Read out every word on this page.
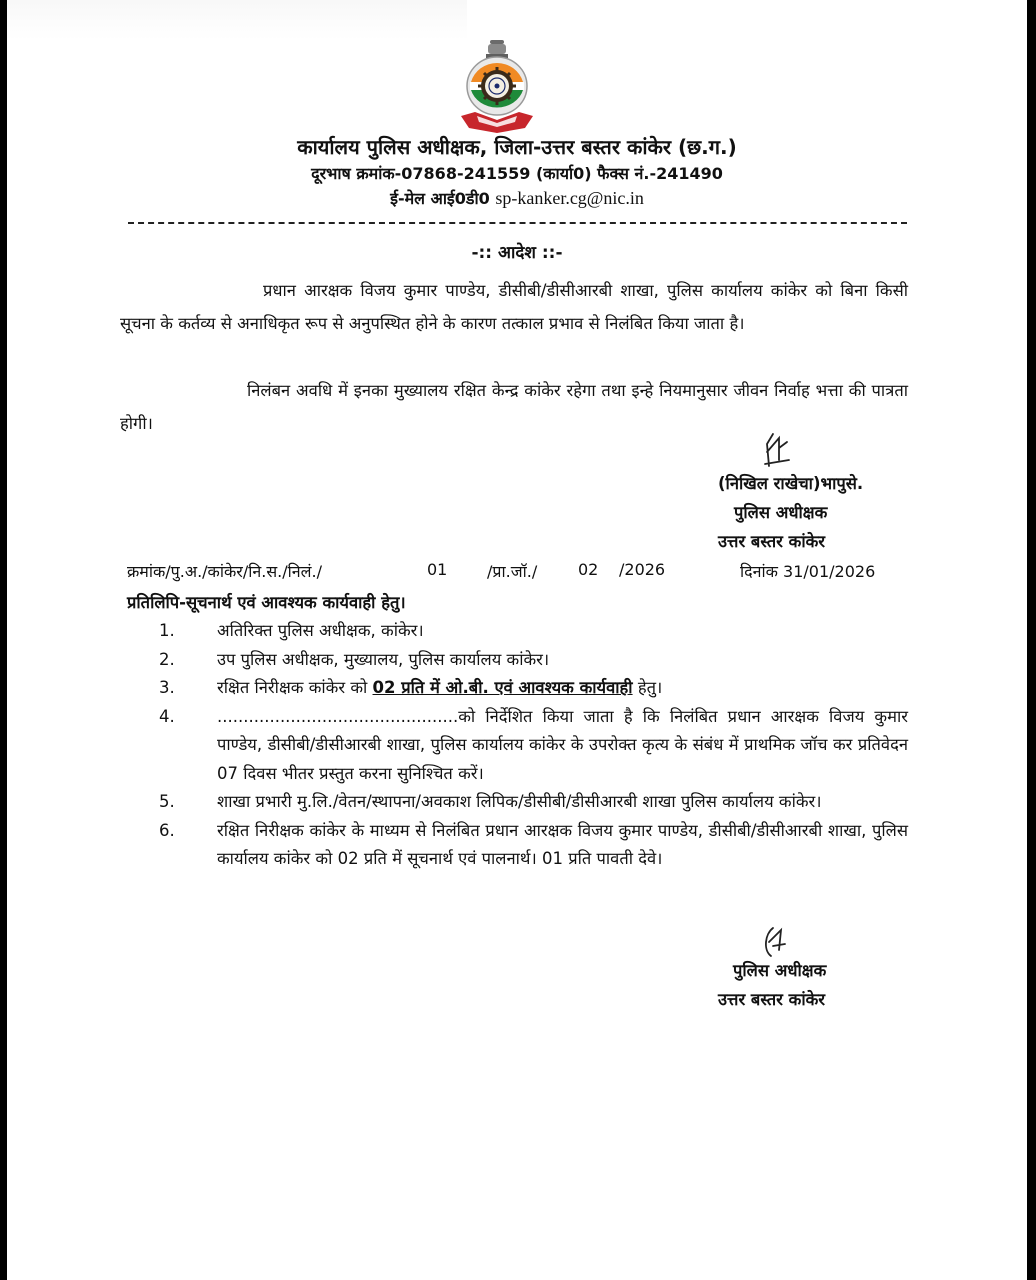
कार्यालय पुलिस अधीक्षक, जिला-उत्तर बस्तर कांकेर (छ.ग.)
दूरभाष क्रमांक-07868-241559 (कार्या0) फैक्स नं.-241490
ई-मेल आई0डी0 sp-kanker.cg@nic.in
-:: आदेश ::-
प्रधान आरक्षक विजय कुमार पाण्डेय, डीसीबी/डीसीआरबी शाखा, पुलिस कार्यालय कांकेर को बिना किसी सूचना के कर्तव्य से अनाधिकृत रूप से अनुपस्थित होने के कारण तत्काल प्रभाव से निलंबित किया जाता है।
निलंबन अवधि में इनका मुख्यालय रक्षित केन्द्र कांकेर रहेगा तथा इन्हे नियमानुसार जीवन निर्वाह भत्ता की पात्रता होगी।
(निखिल राखेचा)भापुसे.
पुलिस अधीक्षक
उत्तर बस्तर कांकेर
क्रमांक/पु.अ./कांकेर/नि.स./निलं./	01 /प्रा.जॉ./	02 /2026	दिनांक 31/01/2026
प्रतिलिपि-सूचनार्थ एवं आवश्यक कार्यवाही हेतु।
1.	अतिरिक्त पुलिस अधीक्षक, कांकेर।
2.	उप पुलिस अधीक्षक, मुख्यालय, पुलिस कार्यालय कांकेर।
3.	रक्षित निरीक्षक कांकेर को 02 प्रति में ओ.बी. एवं आवश्यक कार्यवाही हेतु।
4.	..............................................को निर्देशित किया जाता है कि निलंबित प्रधान आरक्षक विजय कुमार पाण्डेय, डीसीबी/डीसीआरबी शाखा, पुलिस कार्यालय कांकेर के उपरोक्त कृत्य के संबंध में प्राथमिक जॉच कर प्रतिवेदन 07 दिवस भीतर प्रस्तुत करना सुनिश्चित करें।
5.	शाखा प्रभारी मु.लि./वेतन/स्थापना/अवकाश लिपिक/डीसीबी/डीसीआरबी शाखा पुलिस कार्यालय कांकेर।
6.	रक्षित निरीक्षक कांकेर के माध्यम से निलंबित प्रधान आरक्षक विजय कुमार पाण्डेय, डीसीबी/डीसीआरबी शाखा, पुलिस कार्यालय कांकेर को 02 प्रति में सूचनार्थ एवं पालनार्थ। 01 प्रति पावती देवे।
पुलिस अधीक्षक
उत्तर बस्तर कांकेर
